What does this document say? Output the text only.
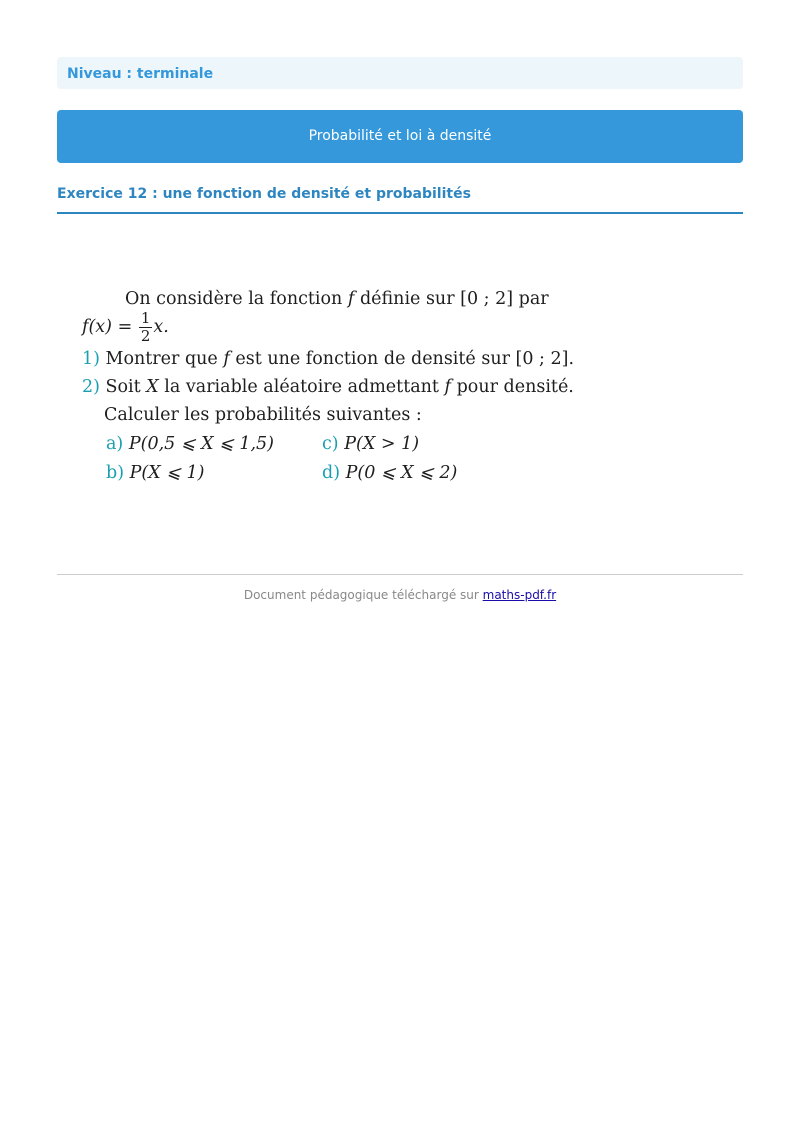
Niveau : terminale
Probabilité et loi à densité
Exercice 12 : une fonction de densité et probabilités
On considère la fonction f définie sur [0 ; 2] par
$f(x) = \frac{1}{2} x$.
1) Montrer que f est une fonction de densité sur [0 ; 2].
2) Soit X la variable aléatoire admettant f pour densité.
Calculer les probabilités suivantes :
a) P(0,5 ⩽ X ⩽ 1,5)
b) P(X ⩽ 1)
c) P(X > 1)
d) P(0 ⩽ X ⩽ 2)
Document pédagogique téléchargé sur maths-pdf.fr
